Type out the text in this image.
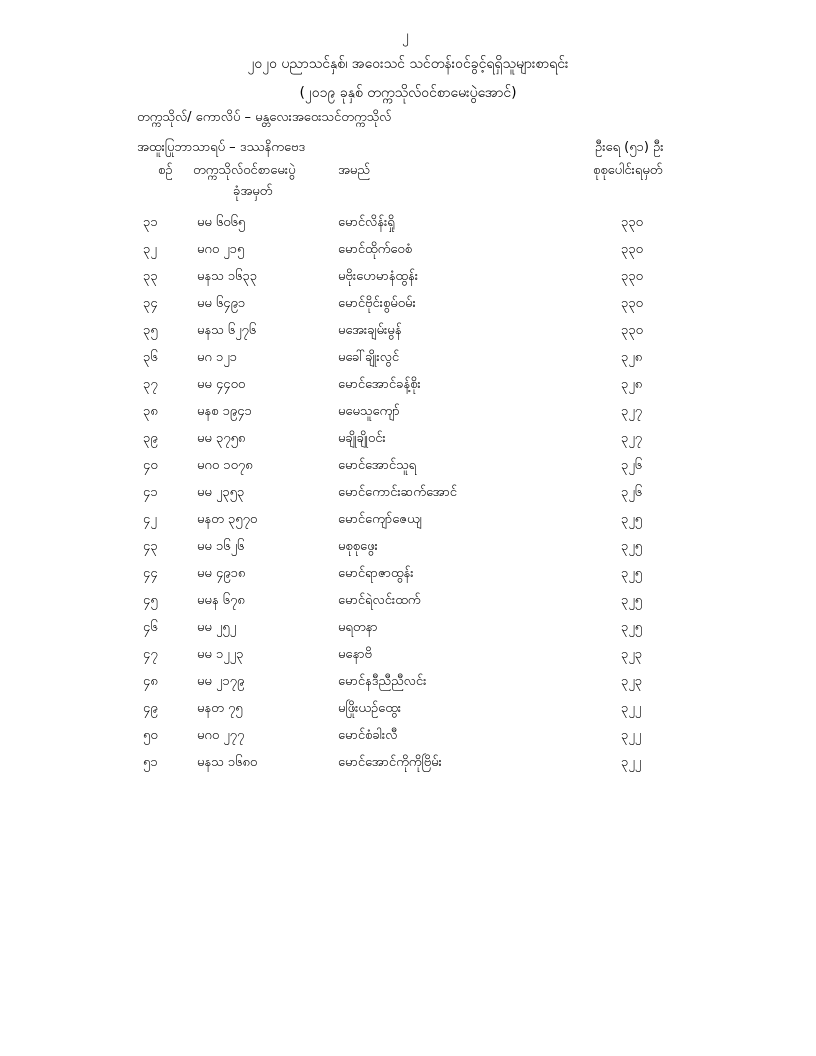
၂
၂၀၂၀ ပညာသင်နှစ်၊ အဝေးသင် သင်တန်းဝင်ခွင့်ရရှိသူများစာရင်း
(၂၀၁၉ ခုနှစ် တက္ကသိုလ်ဝင်စာမေးပွဲအောင်)
တက္ကသိုလ်/ ကောလိပ် – မန္တလေးအဝေးသင်တက္ကသိုလ်
အထူးပြုဘာသာရပ် – ဒဿနိကဗေဒ	ဦးရေ (၅၁) ဦး
စဉ် တက္ကသိုလ်ဝင်စာမေးပွဲ
ခုံအမှတ်
အမည်	စုစုပေါင်းရမှတ်
၃၁	မမ ၆၀၆၅	မောင်လိန်းရှို	၃၃၀
၃၂	မဂဝ ၂၁၅	မောင်ထိုက်ဝေစံ	၃၃၀
၃၃	မနသ ၁၆၃၃	မဗိုးဟေမာနံထွန်း	၃၃၀
၃၄	မမ ၆၄၉၁	မောင်ဗိုင်းစွမ်ဝမ်း	၃၃၀
၃၅	မနသ ၆၂၇၆	မအေးချမ်းမွန်	၃၃၀
၃၆	မဂ ၁၂၁	မခေါ်ချိုးလွင်	၃၂၈
၃၇	မမ ၄၄၀၀	မောင်အောင်ခန့်စိုး	၃၂၈
၃၈	မနစ ၁၉၄၁	မမေသူကျော်	၃၂၇
၃၉	မမ ၃၇၅၈	မချိုချိုဝင်း	၃၂၇
၄၀	မဂဝ ၁၀၇၈	မောင်အောင်သူရ	၃၂၆
၄၁	မမ ၂၃၅၃	မောင်ကောင်းဆက်အောင်	၃၂၆
၄၂	မနတ ၃၅၇၀	မောင်ကျော်ဇေယျ	၃၂၅
၄၃	မမ ၁၆၂၆	မစုစုဖွေး	၃၂၅
၄၄	မမ ၄၉၁၈	မောင်ရာဇာထွန်း	၃၂၅
၄၅	မမန ၆၇၈	မောင်ရဲလင်းထက်	၃၂၅
၄၆	မမ ၂၅၂	မရတနာ	၃၂၅
၄၇	မမ ၁၂၂၃	မနောဗိ	၃၂၃
၄၈	မမ ၂၁၇၉	မောင်နဒီညီညီလင်း	၃၂၃
၄၉	မနတ ၇၅	မဖြိုးယဉ်ထွေး	၃၂၂
၅၀	မဂဝ ၂၇၇	မောင်စံခါးလီ	၃၂၂
၅၁	မနသ ၁၆၈၀	မောင်အောင်ကိုကိုဗြိမ်း	၃၂၂
